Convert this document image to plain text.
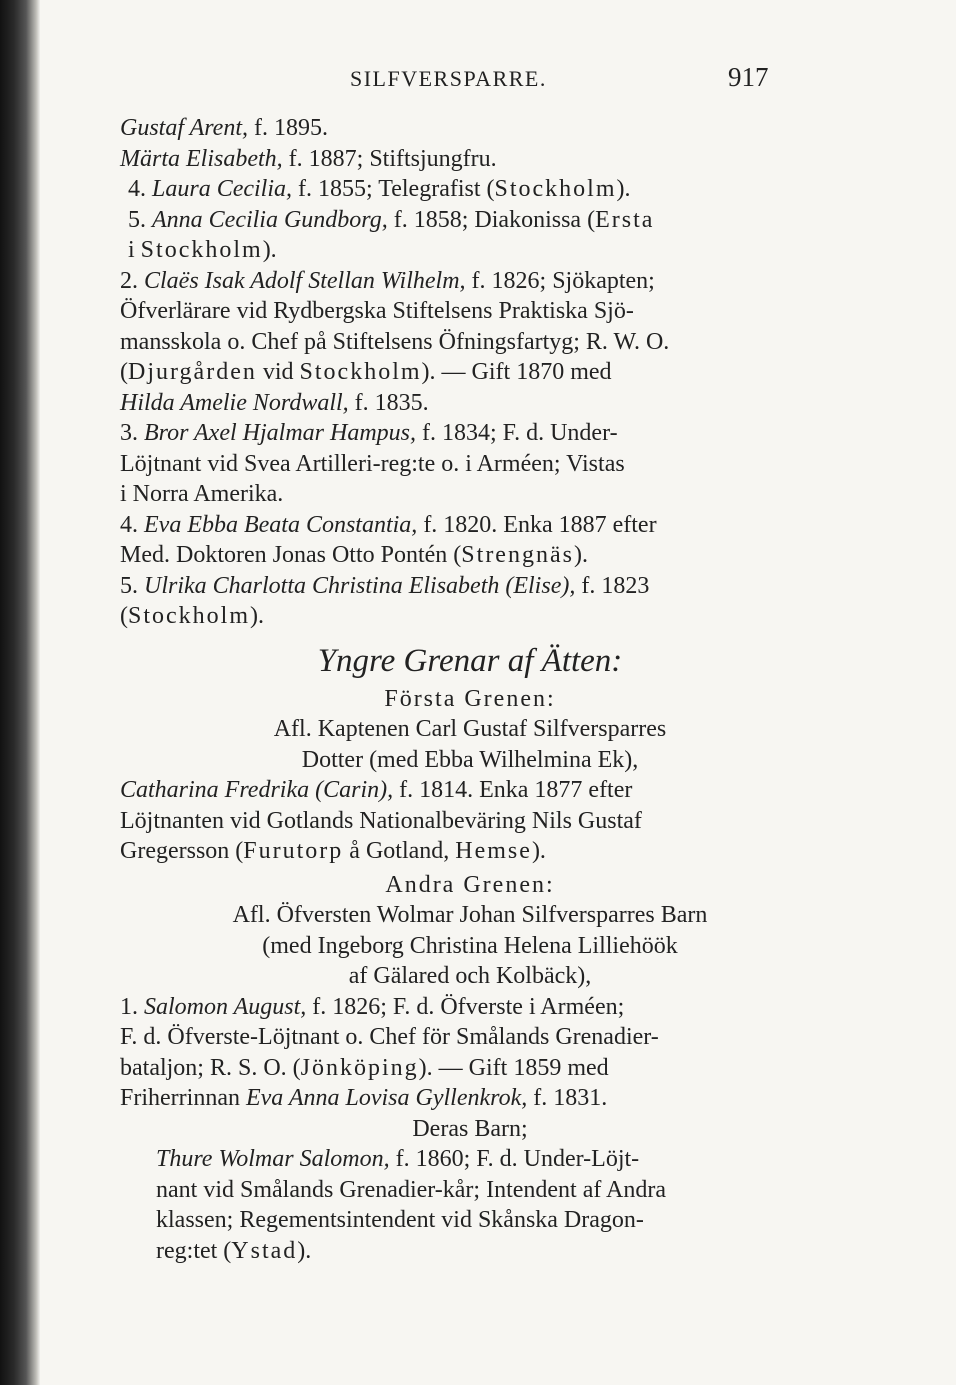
SILFVERSPARRE.	917
Gustaf Arent, f. 1895.
Märta Elisabeth, f. 1887; Stiftsjungfru.
4. Laura Cecilia, f. 1855; Telegrafist (Stockholm).
5. Anna Cecilia Gundborg, f. 1858; Diakonissa (Ersta
i Stockholm).
2. Claës Isak Adolf Stellan Wilhelm, f. 1826; Sjökapten;
Öfverlärare vid Rydbergska Stiftelsens Praktiska Sjö-
mansskola o. Chef på Stiftelsens Öfningsfartyg; R. W. O.
(Djurgården vid Stockholm). — Gift 1870 med
Hilda Amelie Nordwall, f. 1835.
3. Bror Axel Hjalmar Hampus, f. 1834; F. d. Under-
Löjtnant vid Svea Artilleri-reg:te o. i Arméen; Vistas
i Norra Amerika.
4. Eva Ebba Beata Constantia, f. 1820. Enka 1887 efter
Med. Doktoren Jonas Otto Pontén (Strengnäs).
5. Ulrika Charlotta Christina Elisabeth (Elise), f. 1823
(Stockholm).
Yngre Grenar af Ätten:
Första Grenen:
Afl. Kaptenen Carl Gustaf Silfversparres
Dotter (med Ebba Wilhelmina Ek),
Catharina Fredrika (Carin), f. 1814. Enka 1877 efter
Löjtnanten vid Gotlands Nationalbeväring Nils Gustaf
Gregersson (Furutorp å Gotland, Hemse).
Andra Grenen:
Afl. Öfversten Wolmar Johan Silfversparres Barn
(med Ingeborg Christina Helena Lilliehöök
af Gälared och Kolbäck),
1. Salomon August, f. 1826; F. d. Öfverste i Arméen;
F. d. Öfverste-Löjtnant o. Chef för Smålands Grenadier-
bataljon; R. S. O. (Jönköping). — Gift 1859 med
Friherrinnan Eva Anna Lovisa Gyllenkrok, f. 1831.
Deras Barn;
Thure Wolmar Salomon, f. 1860; F. d. Under-Löjt-
nant vid Smålands Grenadier-kår; Intendent af Andra
klassen; Regementsintendent vid Skånska Dragon-
reg:tet (Ystad).
